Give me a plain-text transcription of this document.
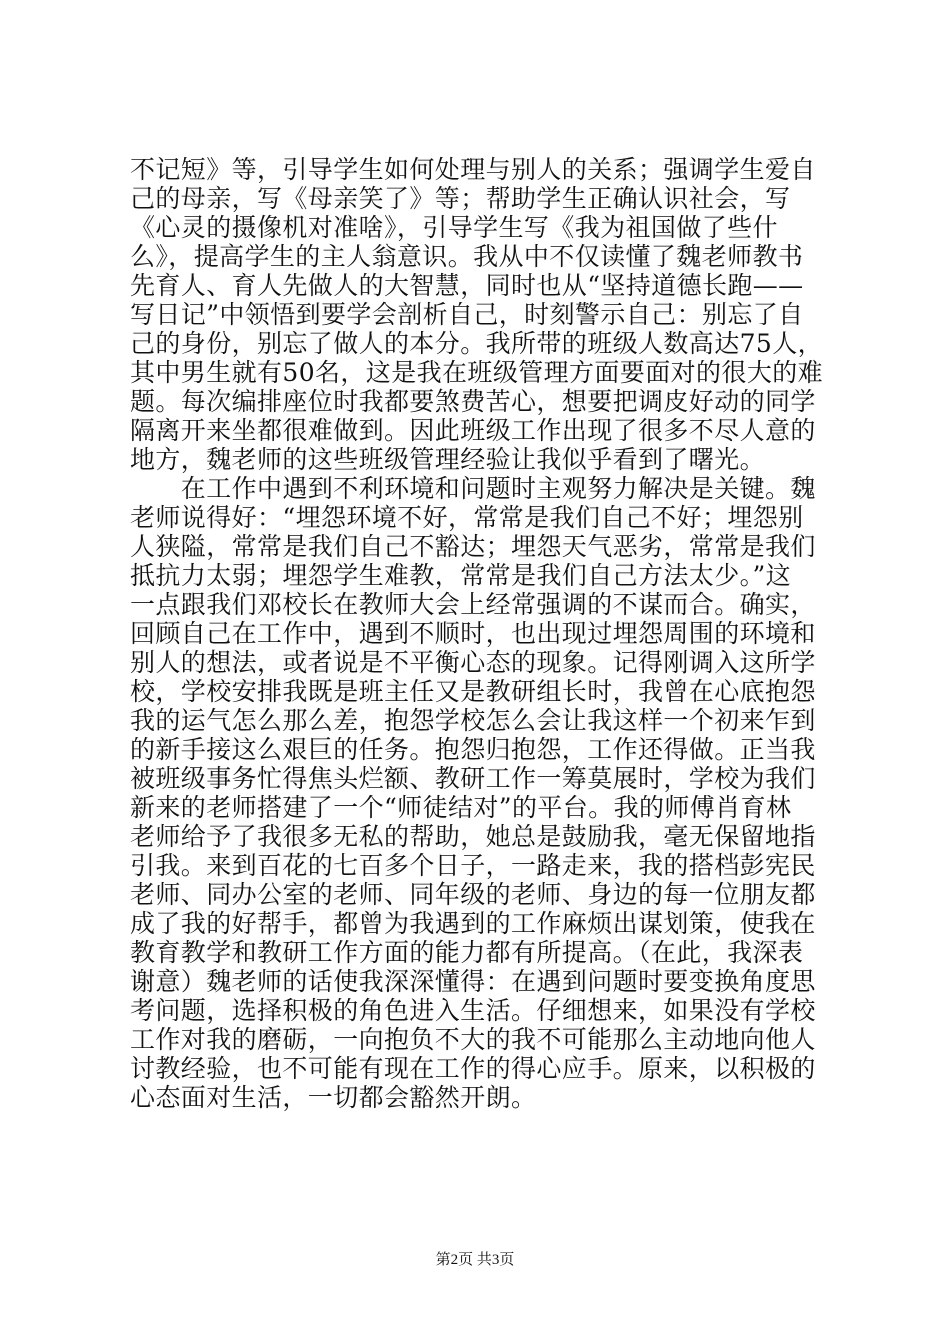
不记短》等，引导学生如何处理与别人的关系；强调学生爱自
己的母亲，写《母亲笑了》等；帮助学生正确认识社会，写
《心灵的摄像机对准啥》，引导学生写《我为祖国做了些什
么》，提高学生的主人翁意识。我从中不仅读懂了魏老师教书
先育人、育人先做人的大智慧，同时也从“坚持道德长跑——
写日记”中领悟到要学会剖析自己，时刻警示自己：别忘了自
己的身份，别忘了做人的本分。我所带的班级人数高达75人，
其中男生就有50名，这是我在班级管理方面要面对的很大的难
题。每次编排座位时我都要煞费苦心，想要把调皮好动的同学
隔离开来坐都很难做到。因此班级工作出现了很多不尽人意的
地方，魏老师的这些班级管理经验让我似乎看到了曙光。
　　在工作中遇到不利环境和问题时主观努力解决是关键。魏
老师说得好：“埋怨环境不好，常常是我们自己不好；埋怨别
人狭隘，常常是我们自己不豁达；埋怨天气恶劣，常常是我们
抵抗力太弱；埋怨学生难教，常常是我们自己方法太少。”这
一点跟我们邓校长在教师大会上经常强调的不谋而合。确实，
回顾自己在工作中，遇到不顺时，也出现过埋怨周围的环境和
别人的想法，或者说是不平衡心态的现象。记得刚调入这所学
校，学校安排我既是班主任又是教研组长时，我曾在心底抱怨
我的运气怎么那么差，抱怨学校怎么会让我这样一个初来乍到
的新手接这么艰巨的任务。抱怨归抱怨，工作还得做。正当我
被班级事务忙得焦头烂额、教研工作一筹莫展时，学校为我们
新来的老师搭建了一个“师徒结对”的平台。我的师傅肖育林
老师给予了我很多无私的帮助，她总是鼓励我，毫无保留地指
引我。来到百花的七百多个日子，一路走来，我的搭档彭宪民
老师、同办公室的老师、同年级的老师、身边的每一位朋友都
成了我的好帮手，都曾为我遇到的工作麻烦出谋划策，使我在
教育教学和教研工作方面的能力都有所提高。（在此，我深表
谢意）魏老师的话使我深深懂得：在遇到问题时要变换角度思
考问题，选择积极的角色进入生活。仔细想来，如果没有学校
工作对我的磨砺，一向抱负不大的我不可能那么主动地向他人
讨教经验，也不可能有现在工作的得心应手。原来，以积极的
心态面对生活，一切都会豁然开朗。
第2页 共3页
